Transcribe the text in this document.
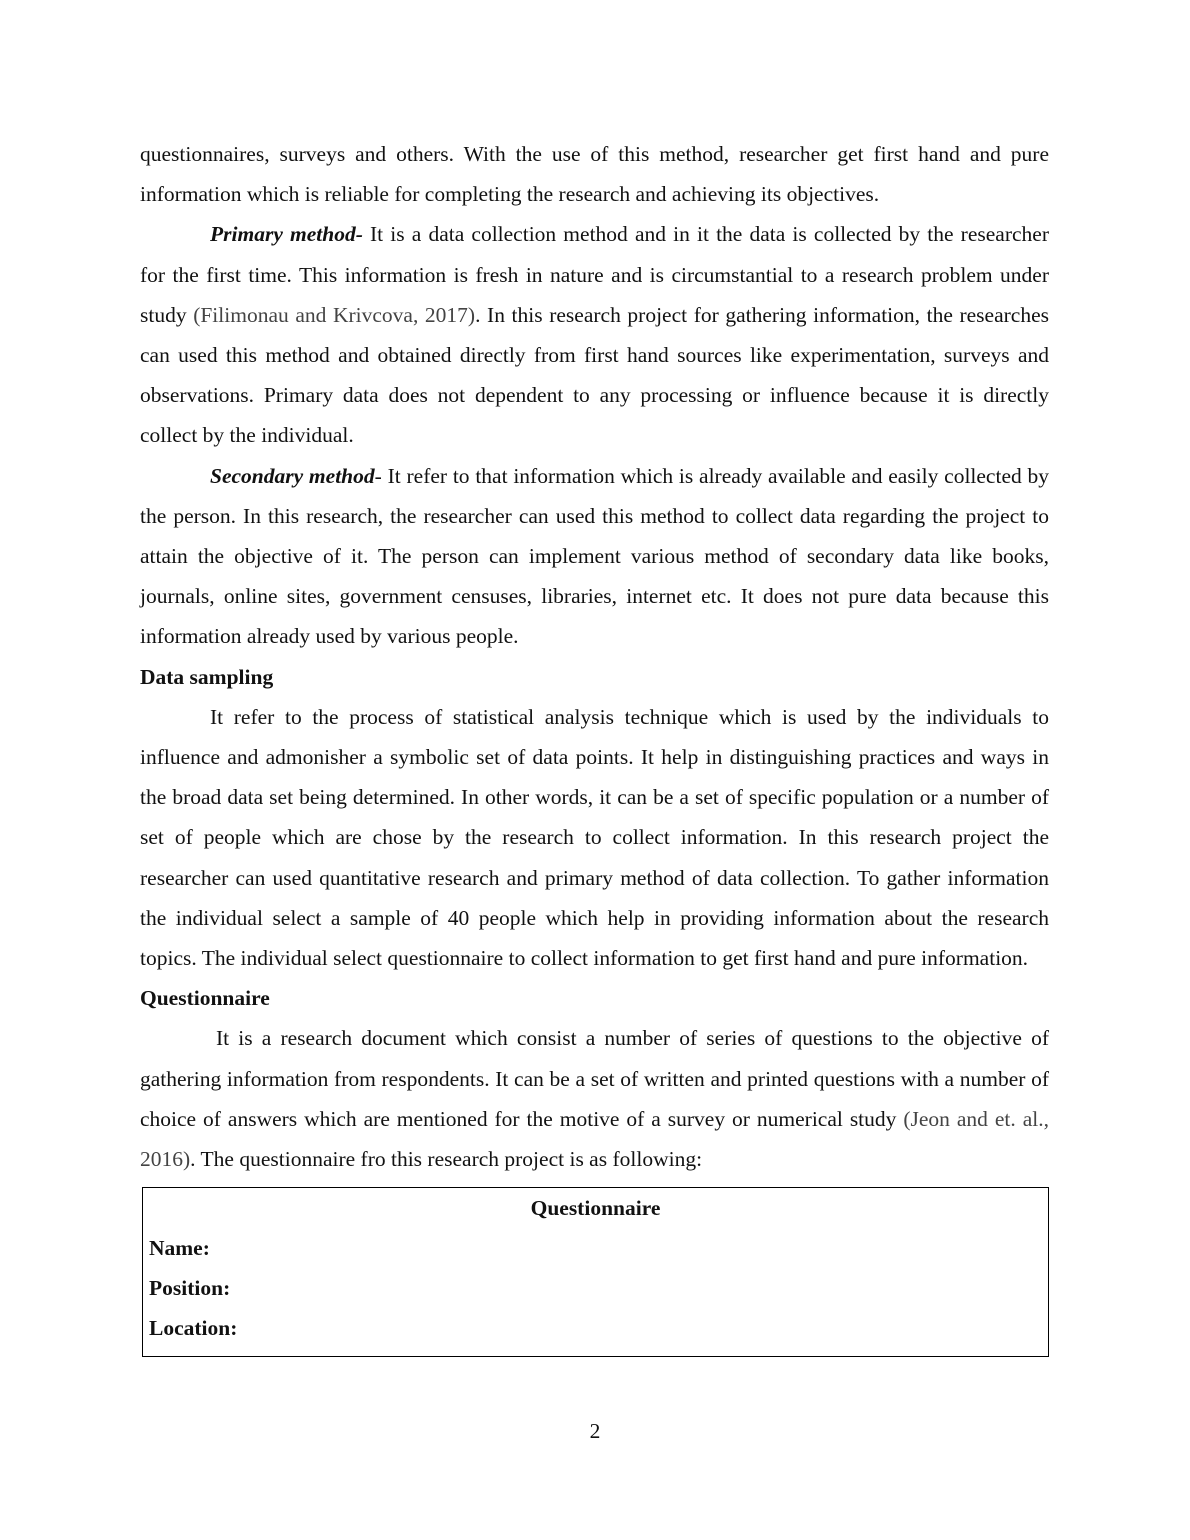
questionnaires, surveys and others. With the use of this method, researcher get first hand and pure information which is reliable for completing the research and achieving its objectives.

Primary method- It is a data collection method and in it the data is collected by the researcher for the first time. This information is fresh in nature and is circumstantial to a research problem under study (Filimonau and Krivcova, 2017). In this research project for gathering information, the researches can used this method and obtained directly from first hand sources like experimentation, surveys and observations. Primary data does not dependent to any processing or influence because it is directly collect by the individual.

Secondary method- It refer to that information which is already available and easily collected by the person. In this research, the researcher can used this method to collect data regarding the project to attain the objective of it. The person can implement various method of secondary data like books, journals, online sites, government censuses, libraries, internet etc. It does not pure data because this information already used by various people.

Data sampling

It refer to the process of statistical analysis technique which is used by the individuals to influence and admonisher a symbolic set of data points. It help in distinguishing practices and ways in the broad data set being determined. In other words, it can be a set of specific population or a number of set of people which are chose by the research to collect information. In this research project the researcher can used quantitative research and primary method of data collection. To gather information the individual select a sample of 40 people which help in providing information about the research topics. The individual select questionnaire to collect information to get first hand and pure information.

Questionnaire

It is a research document which consist a number of series of questions to the objective of gathering information from respondents. It can be a set of written and printed questions with a number of choice of answers which are mentioned for the motive of a survey or numerical study (Jeon and et. al., 2016). The questionnaire fro this research project is as following:

Questionnaire
Name:
Position:
Location:
2
